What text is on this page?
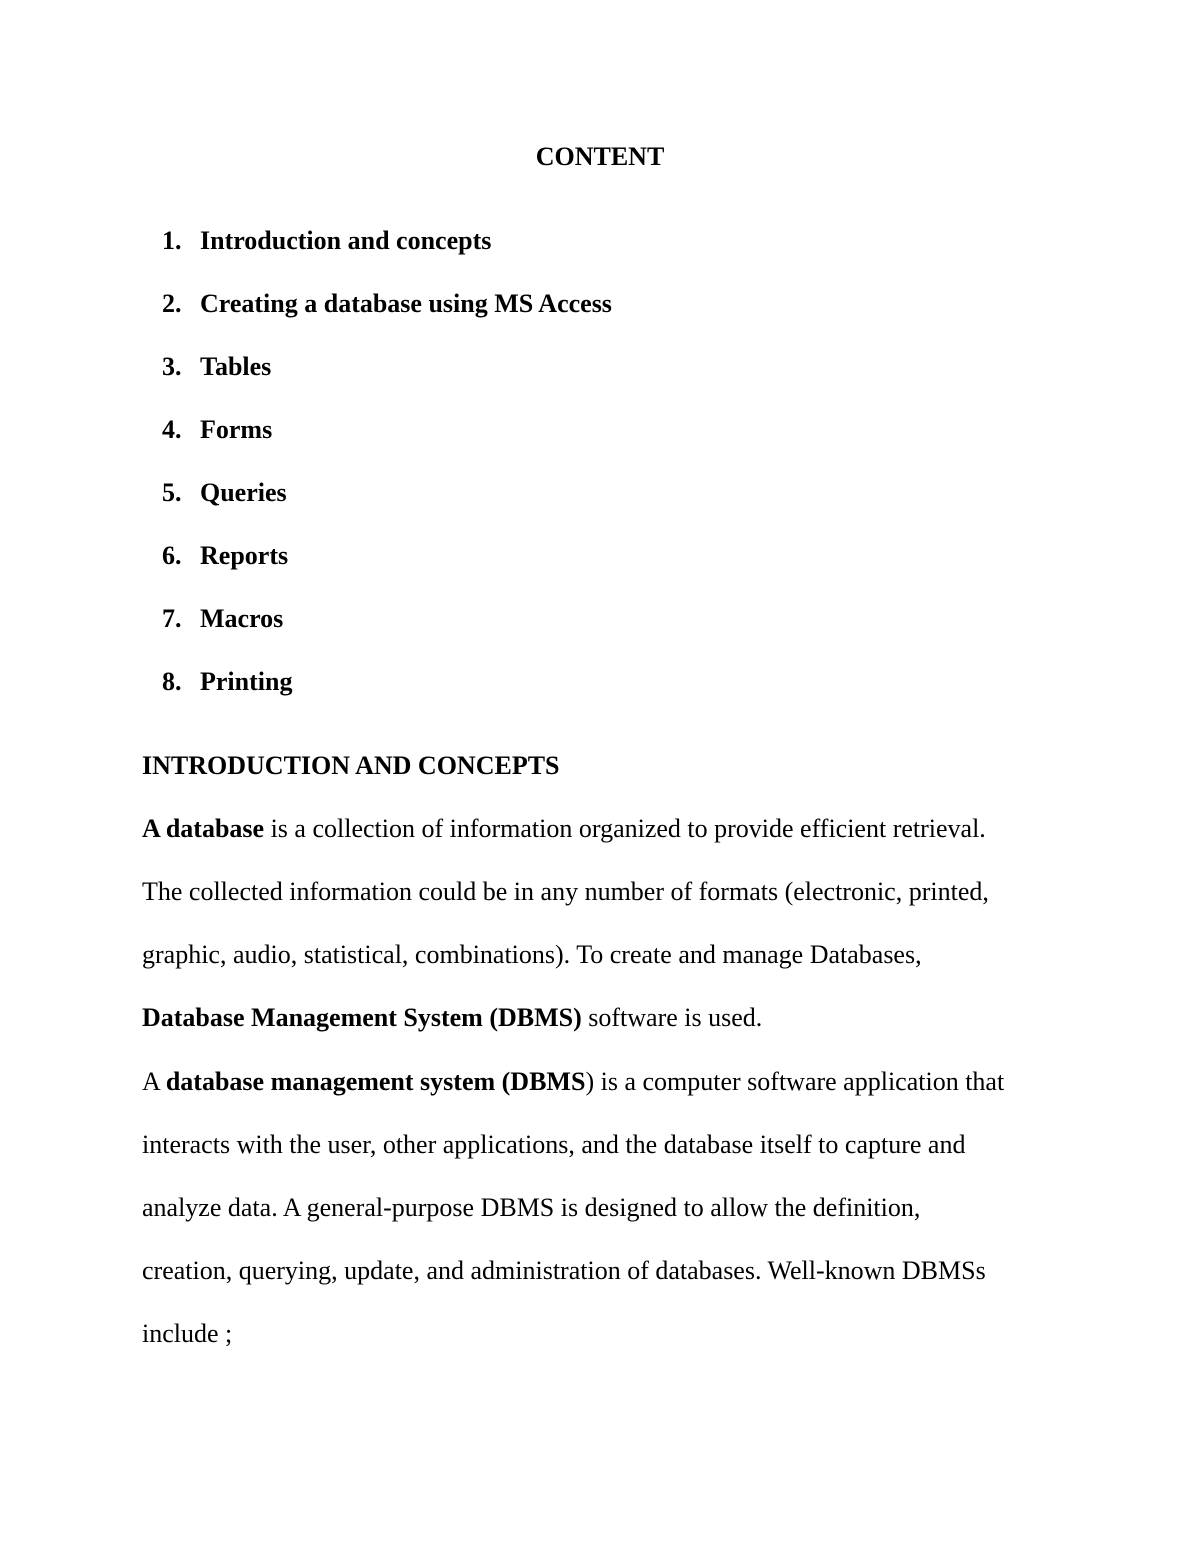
CONTENT
1. Introduction and concepts
2. Creating a database using MS Access
3. Tables
4. Forms
5. Queries
6. Reports
7. Macros
8. Printing
INTRODUCTION AND CONCEPTS
A database is a collection of information organized to provide efficient retrieval.
The collected information could be in any number of formats (electronic, printed,
graphic, audio, statistical, combinations). To create and manage Databases,
Database Management System (DBMS) software is used.
A database management system (DBMS) is a computer software application that
interacts with the user, other applications, and the database itself to capture and
analyze data. A general-purpose DBMS is designed to allow the definition,
creation, querying, update, and administration of databases. Well-known DBMSs
include ;
